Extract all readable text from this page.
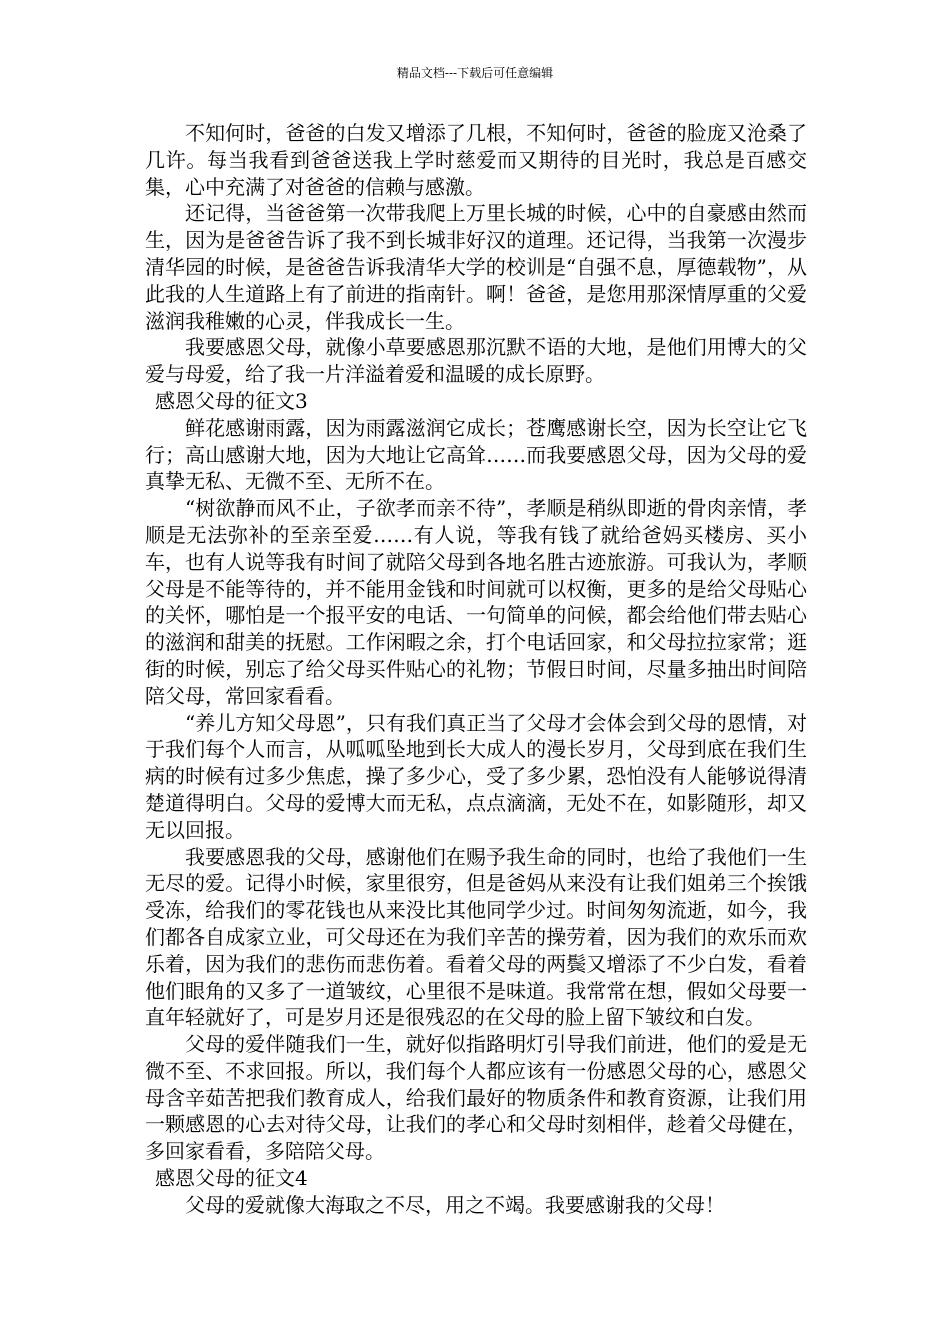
精品文档---下载后可任意编辑

不知何时，爸爸的白发又增添了几根，不知何时，爸爸的脸庞又沧桑了几许。每当我看到爸爸送我上学时慈爱而又期待的目光时，我总是百感交集，心中充满了对爸爸的信赖与感激。

还记得，当爸爸第一次带我爬上万里长城的时候，心中的自豪感由然而生，因为是爸爸告诉了我不到长城非好汉的道理。还记得，当我第一次漫步清华园的时候，是爸爸告诉我清华大学的校训是“自强不息，厚德载物”，从此我的人生道路上有了前进的指南针。啊！爸爸，是您用那深情厚重的父爱滋润我稚嫩的心灵，伴我成长一生。

我要感恩父母，就像小草要感恩那沉默不语的大地，是他们用博大的父爱与母爱，给了我一片洋溢着爱和温暖的成长原野。

感恩父母的征文3

鲜花感谢雨露，因为雨露滋润它成长；苍鹰感谢长空，因为长空让它飞行；高山感谢大地，因为大地让它高耸……而我要感恩父母，因为父母的爱真挚无私、无微不至、无所不在。

“树欲静而风不止，子欲孝而亲不待”，孝顺是稍纵即逝的骨肉亲情，孝顺是无法弥补的至亲至爱……有人说，等我有钱了就给爸妈买楼房、买小车，也有人说等我有时间了就陪父母到各地名胜古迹旅游。可我认为，孝顺父母是不能等待的，并不能用金钱和时间就可以权衡，更多的是给父母贴心的关怀，哪怕是一个报平安的电话、一句简单的问候，都会给他们带去贴心的滋润和甜美的抚慰。工作闲暇之余，打个电话回家，和父母拉拉家常；逛街的时候，别忘了给父母买件贴心的礼物；节假日时间，尽量多抽出时间陪陪父母，常回家看看。

“养儿方知父母恩”，只有我们真正当了父母才会体会到父母的恩情，对于我们每个人而言，从呱呱坠地到长大成人的漫长岁月，父母到底在我们生病的时候有过多少焦虑，操了多少心，受了多少累，恐怕没有人能够说得清楚道得明白。父母的爱博大而无私，点点滴滴，无处不在，如影随形，却又无以回报。

我要感恩我的父母，感谢他们在赐予我生命的同时，也给了我他们一生无尽的爱。记得小时候，家里很穷，但是爸妈从来没有让我们姐弟三个挨饿受冻，给我们的零花钱也从来没比其他同学少过。时间匆匆流逝，如今，我们都各自成家立业，可父母还在为我们辛苦的操劳着，因为我们的欢乐而欢乐着，因为我们的悲伤而悲伤着。看着父母的两鬓又增添了不少白发，看着他们眼角的又多了一道皱纹，心里很不是味道。我常常在想，假如父母要一直年轻就好了，可是岁月还是很残忍的在父母的脸上留下皱纹和白发。

父母的爱伴随我们一生，就好似指路明灯引导我们前进，他们的爱是无微不至、不求回报。所以，我们每个人都应该有一份感恩父母的心，感恩父母含辛茹苦把我们教育成人，给我们最好的物质条件和教育资源，让我们用一颗感恩的心去对待父母，让我们的孝心和父母时刻相伴，趁着父母健在，多回家看看，多陪陪父母。

感恩父母的征文4

父母的爱就像大海取之不尽，用之不竭。我要感谢我的父母！
